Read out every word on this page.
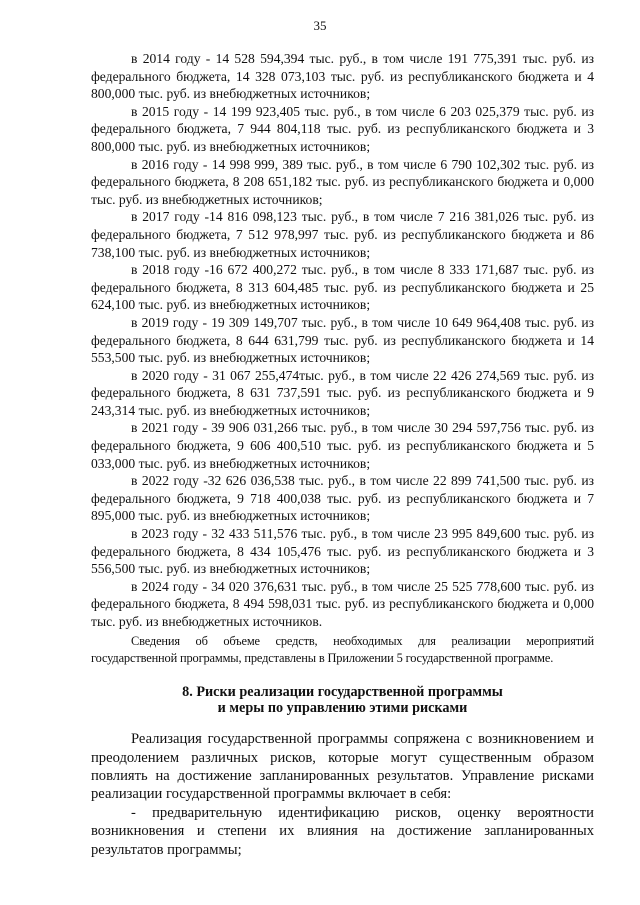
35

в 2014 году - 14 528 594,394 тыс. руб., в том числе 191 775,391 тыс. руб. из федерального бюджета, 14 328 073,103 тыс. руб. из республиканского бюджета и 4 800,000 тыс. руб. из внебюджетных источников;

в 2015 году - 14 199 923,405 тыс. руб., в том числе 6 203 025,379 тыс. руб. из федерального бюджета, 7 944 804,118 тыс. руб. из республиканского бюджета и 3 800,000 тыс. руб. из внебюджетных источников;

в 2016 году - 14 998 999, 389 тыс. руб., в том числе 6 790 102,302 тыс. руб. из федерального бюджета, 8 208 651,182 тыс. руб. из республиканского бюджета и 0,000 тыс. руб. из внебюджетных источников;

в 2017 году -14 816 098,123 тыс. руб., в том числе 7 216 381,026 тыс. руб. из федерального бюджета, 7 512 978,997 тыс. руб. из республиканского бюджета и 86 738,100 тыс. руб. из внебюджетных источников;

в 2018 году -16 672 400,272 тыс. руб., в том числе 8 333 171,687 тыс. руб. из федерального бюджета, 8 313 604,485 тыс. руб. из республиканского бюджета и 25 624,100 тыс. руб. из внебюджетных источников;

в 2019 году - 19 309 149,707 тыс. руб., в том числе 10 649 964,408 тыс. руб. из федерального бюджета, 8 644 631,799 тыс. руб. из республиканского бюджета и 14 553,500 тыс. руб. из внебюджетных источников;

в 2020 году - 31 067 255,474тыс. руб., в том числе 22 426 274,569 тыс. руб. из федерального бюджета, 8 631 737,591 тыс. руб. из республиканского бюджета и 9 243,314 тыс. руб. из внебюджетных источников;

в 2021 году - 39 906 031,266 тыс. руб., в том числе 30 294 597,756 тыс. руб. из федерального бюджета, 9 606 400,510 тыс. руб. из республиканского бюджета и 5 033,000 тыс. руб. из внебюджетных источников;

в 2022 году -32 626 036,538 тыс. руб., в том числе 22 899 741,500 тыс. руб. из федерального бюджета, 9 718 400,038 тыс. руб. из республиканского бюджета и 7 895,000 тыс. руб. из внебюджетных источников;

в 2023 году - 32 433 511,576 тыс. руб., в том числе 23 995 849,600 тыс. руб. из федерального бюджета, 8 434 105,476 тыс. руб. из республиканского бюджета и 3 556,500 тыс. руб. из внебюджетных источников;

в 2024 году - 34 020 376,631 тыс. руб., в том числе 25 525 778,600 тыс. руб. из федерального бюджета, 8 494 598,031 тыс. руб. из республиканского бюджета и 0,000 тыс. руб. из внебюджетных источников.

Сведения об объеме средств, необходимых для реализации мероприятий государственной программы, представлены в Приложении 5 государственной программе.

8. Риски реализации государственной программы
и меры по управлению этими рисками

Реализация государственной программы сопряжена с возникновением и преодолением различных рисков, которые могут существенным образом повлиять на достижение запланированных результатов. Управление рисками реализации государственной программы включает в себя:

- предварительную идентификацию рисков, оценку вероятности возникновения и степени их влияния на достижение запланированных результатов программы;
